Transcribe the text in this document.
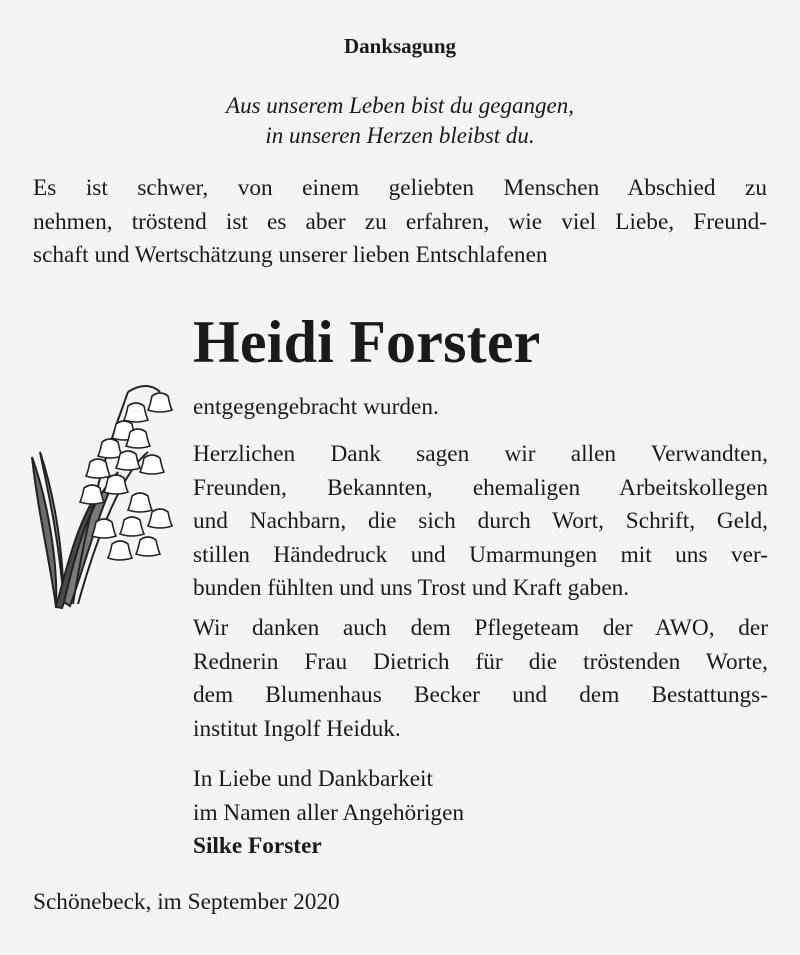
Danksagung
Aus unserem Leben bist du gegangen,
in unseren Herzen bleibst du.
Es ist schwer, von einem geliebten Menschen Abschied zu
nehmen, tröstend ist es aber zu erfahren, wie viel Liebe, Freund-
schaft und Wertschätzung unserer lieben Entschlafenen
Heidi Forster
entgegengebracht wurden.
Herzlichen Dank sagen wir allen Verwandten,
Freunden, Bekannten, ehemaligen Arbeitskollegen
und Nachbarn, die sich durch Wort, Schrift, Geld,
stillen Händedruck und Umarmungen mit uns ver-
bunden fühlten und uns Trost und Kraft gaben.
Wir danken auch dem Pflegeteam der AWO, der
Rednerin Frau Dietrich für die tröstenden Worte,
dem Blumenhaus Becker und dem Bestattungs-
institut Ingolf Heiduk.
In Liebe und Dankbarkeit
im Namen aller Angehörigen
Silke Forster
Schönebeck, im September 2020
